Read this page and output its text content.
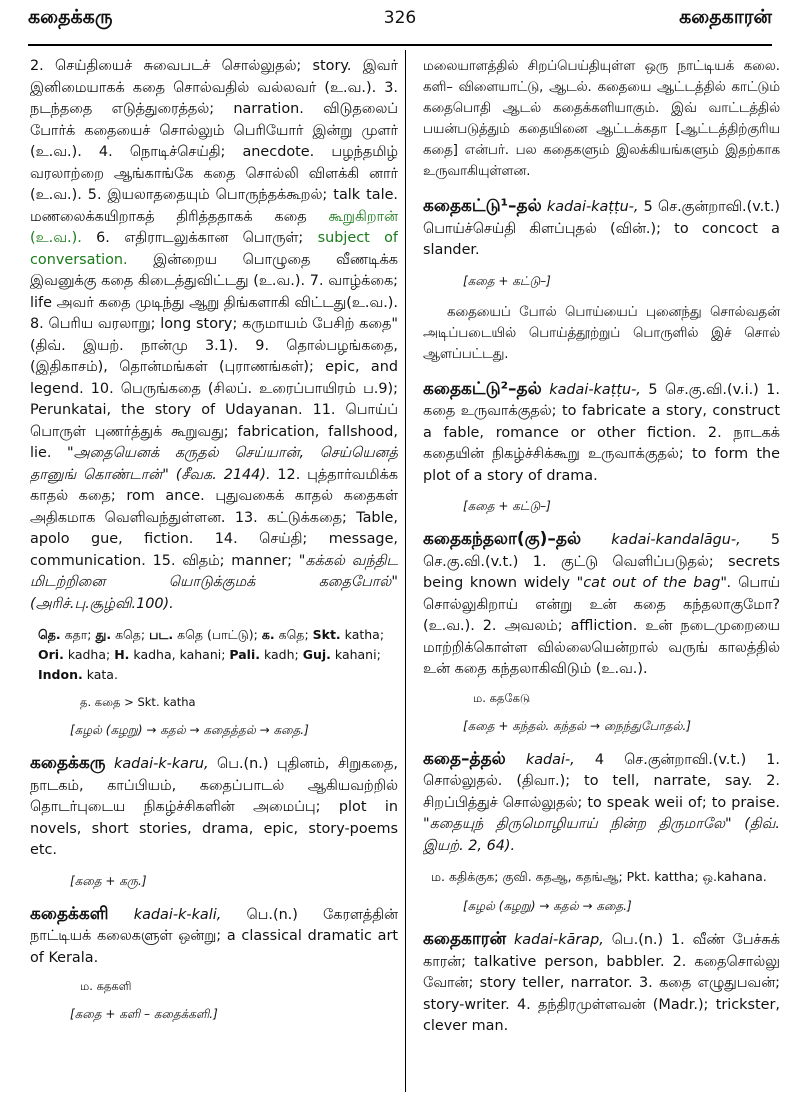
கதைக்கரு	326	கதைகாரன்

2. செய்தியைச் சுவைபடச் சொல்லுதல்; story. இவர் இனிமையாகக் கதை சொல்வதில் வல்லவர் (உ.வ.). 3. நடந்ததை எடுத்துரைத்தல்; narration. விடுதலைப் போர்க் கதையைச் சொல்லும் பெரியோர் இன்று முளர் (உ.வ.). 4. நொடிச்செய்தி; anecdote. பழந்தமிழ் வரலாற்றை ஆங்காங்கே கதை சொல்லி விளக்கி னார் (உ.வ.). 5. இயலாததையும் பொருந்தக்கூறல்; talk tale. மணலைக்கயிறாகத் திரித்ததாகக் கதை கூறுகிறான் (உ.வ.). 6. எதிராடலுக்கான பொருள்; subject of conversation. இன்றைய பொழுதை வீணடிக்க இவனுக்கு கதை கிடைத்துவிட்டது (உ.வ.). 7. வாழ்க்கை; life அவர் கதை முடிந்து ஆறு திங்களாகி விட்டது(உ.வ.). 8. பெரிய வரலாறு; long story; கருமாயம் பேசிற் கதை" (திவ். இயற். நான்மு 3.1). 9. தொல்பழங்கதை, (இதிகாசம்), தொன்மங்கள் (புராணங்கள்); epic, and legend. 10. பெருங்கதை (சிலப். உரைப்பாயிரம் ப.9); Perunkatai, the story of Udayanan. 11. பொய்ப் பொருள் புணர்த்துக் கூறுவது; fabrication, fallshood, lie. "அதையெனக் கருதல் செய்யான், செய்யெனத் தானுங் கொண்டான்" (சீவக. 2144). 12. புத்தார்வமிக்க காதல் கதை; rom ance. புதுவகைக் காதல் கதைகள் அதிகமாக வெளிவந்துள்ளன. 13. கட்டுக்கதை; Table, apolo gue, fiction. 14. செய்தி; message, communication. 15. விதம்; manner; "கக்கல் வந்திட மிடற்றினை யொடுக்குமக் கதைபோல்" (அரிச்.பு.சூழ்வி.100).

தெ. கதா; து. கதெ; பட. கதெ (பாட்டு); க. கதெ; Skt. katha; Ori. kadha; H. kadha, kahani; Pali. kadh; Guj. kahani; Indon. kata.
த. கதை > Skt. katha
[கழல் (கழறு) → கதல் → கதைத்தல் → கதை.]

கதைக்கரு kadai-k-karu, பெ.(n.) புதினம், சிறுகதை, நாடகம், காப்பியம், கதைப்பாடல் ஆகியவற்றில் தொடர்புடைய நிகழ்ச்சிகளின் அமைப்பு; plot in novels, short stories, drama, epic, story-poems etc.

[கதை + கரு.]

கதைக்களி kadai-k-kali, பெ.(n.) கேரளத்தின் நாட்டியக் கலைகளுள் ஒன்று; a classical dramatic art of Kerala.

ம. கதகளி
[கதை + களி – கதைக்களி.]

மலையாளத்தில் சிறப்பெய்தியுள்ள ஒரு நாட்டியக் கலை. களி– விளையாட்டு, ஆடல். கதையை ஆட்டத்தில் காட்டும் கதைபொதி ஆடல் கதைக்களியாகும். இவ் வாட்டத்தில் பயன்படுத்தும் கதையினை ஆட்டக்கதா [ஆட்டத்திற்குரிய கதை] என்பர். பல கதைகளும் இலக்கியங்களும் இதற்காக உருவாகியுள்ளன.

கதைகட்டு¹–தல் kadai-kaṭṭu-, 5 செ.குன்றாவி.(v.t.) பொய்ச்செய்தி கிளப்புதல் (வின்.); to concoct a slander.

[கதை + கட்டு–]

கதையைப் போல் பொய்யைப் புனைந்து சொல்வதன் அடிப்படையில் பொய்த்தூற்றுப் பொருளில் இச் சொல் ஆளப்பட்டது.

கதைகட்டு²–தல் kadai-kaṭṭu-, 5 செ.கு.வி.(v.i.) 1. கதை உருவாக்குதல்; to fabricate a story, construct a fable, romance or other fiction. 2. நாடகக் கதையின் நிகழ்ச்சிக்கூறு உருவாக்குதல்; to form the plot of a story of drama.

[கதை + கட்டு–]

கதைகந்தலா(கு)–தல் kadai-kandalāgu-, 5 செ.கு.வி.(v.t.) 1. குட்டு வெளிப்படுதல்; secrets being known widely "cat out of the bag". பொய் சொல்லுகிறாய் என்று உன் கதை கந்தலாகுமோ? (உ.வ.). 2. அவலம்; affliction. உன் நடைமுறையை மாற்றிக்கொள்ள வில்லையென்றால் வருங் காலத்தில் உன் கதை கந்தலாகிவிடும் (உ.வ.).

ம. கதகேடு
[கதை + கந்தல். கந்தல் → நைந்துபோதல்.]

கதை–த்தல் kadai-, 4 செ.குன்றாவி.(v.t.) 1. சொல்லுதல். (திவா.); to tell, narrate, say. 2. சிறப்பித்துச் சொல்லுதல்; to speak weii of; to praise. "கதையுந் திருமொழியாய் நின்ற திருமாலே" (திவ். இயற். 2, 64).

ம. கதிக்குக; குவி. கதஆ, கதங்ஆ; Pkt. kattha; ஒ.kahana.
[கழல் (கழறு) → கதல் → கதை.]

கதைகாரன் kadai-kārap, பெ.(n.) 1. வீண் பேச்சுக் காரன்; talkative person, babbler. 2. கதைசொல்லு வோன்; story teller, narrator. 3. கதை எழுதுபவன்; story-writer. 4. தந்திரமுள்ளவன் (Madr.); trickster, clever man.
